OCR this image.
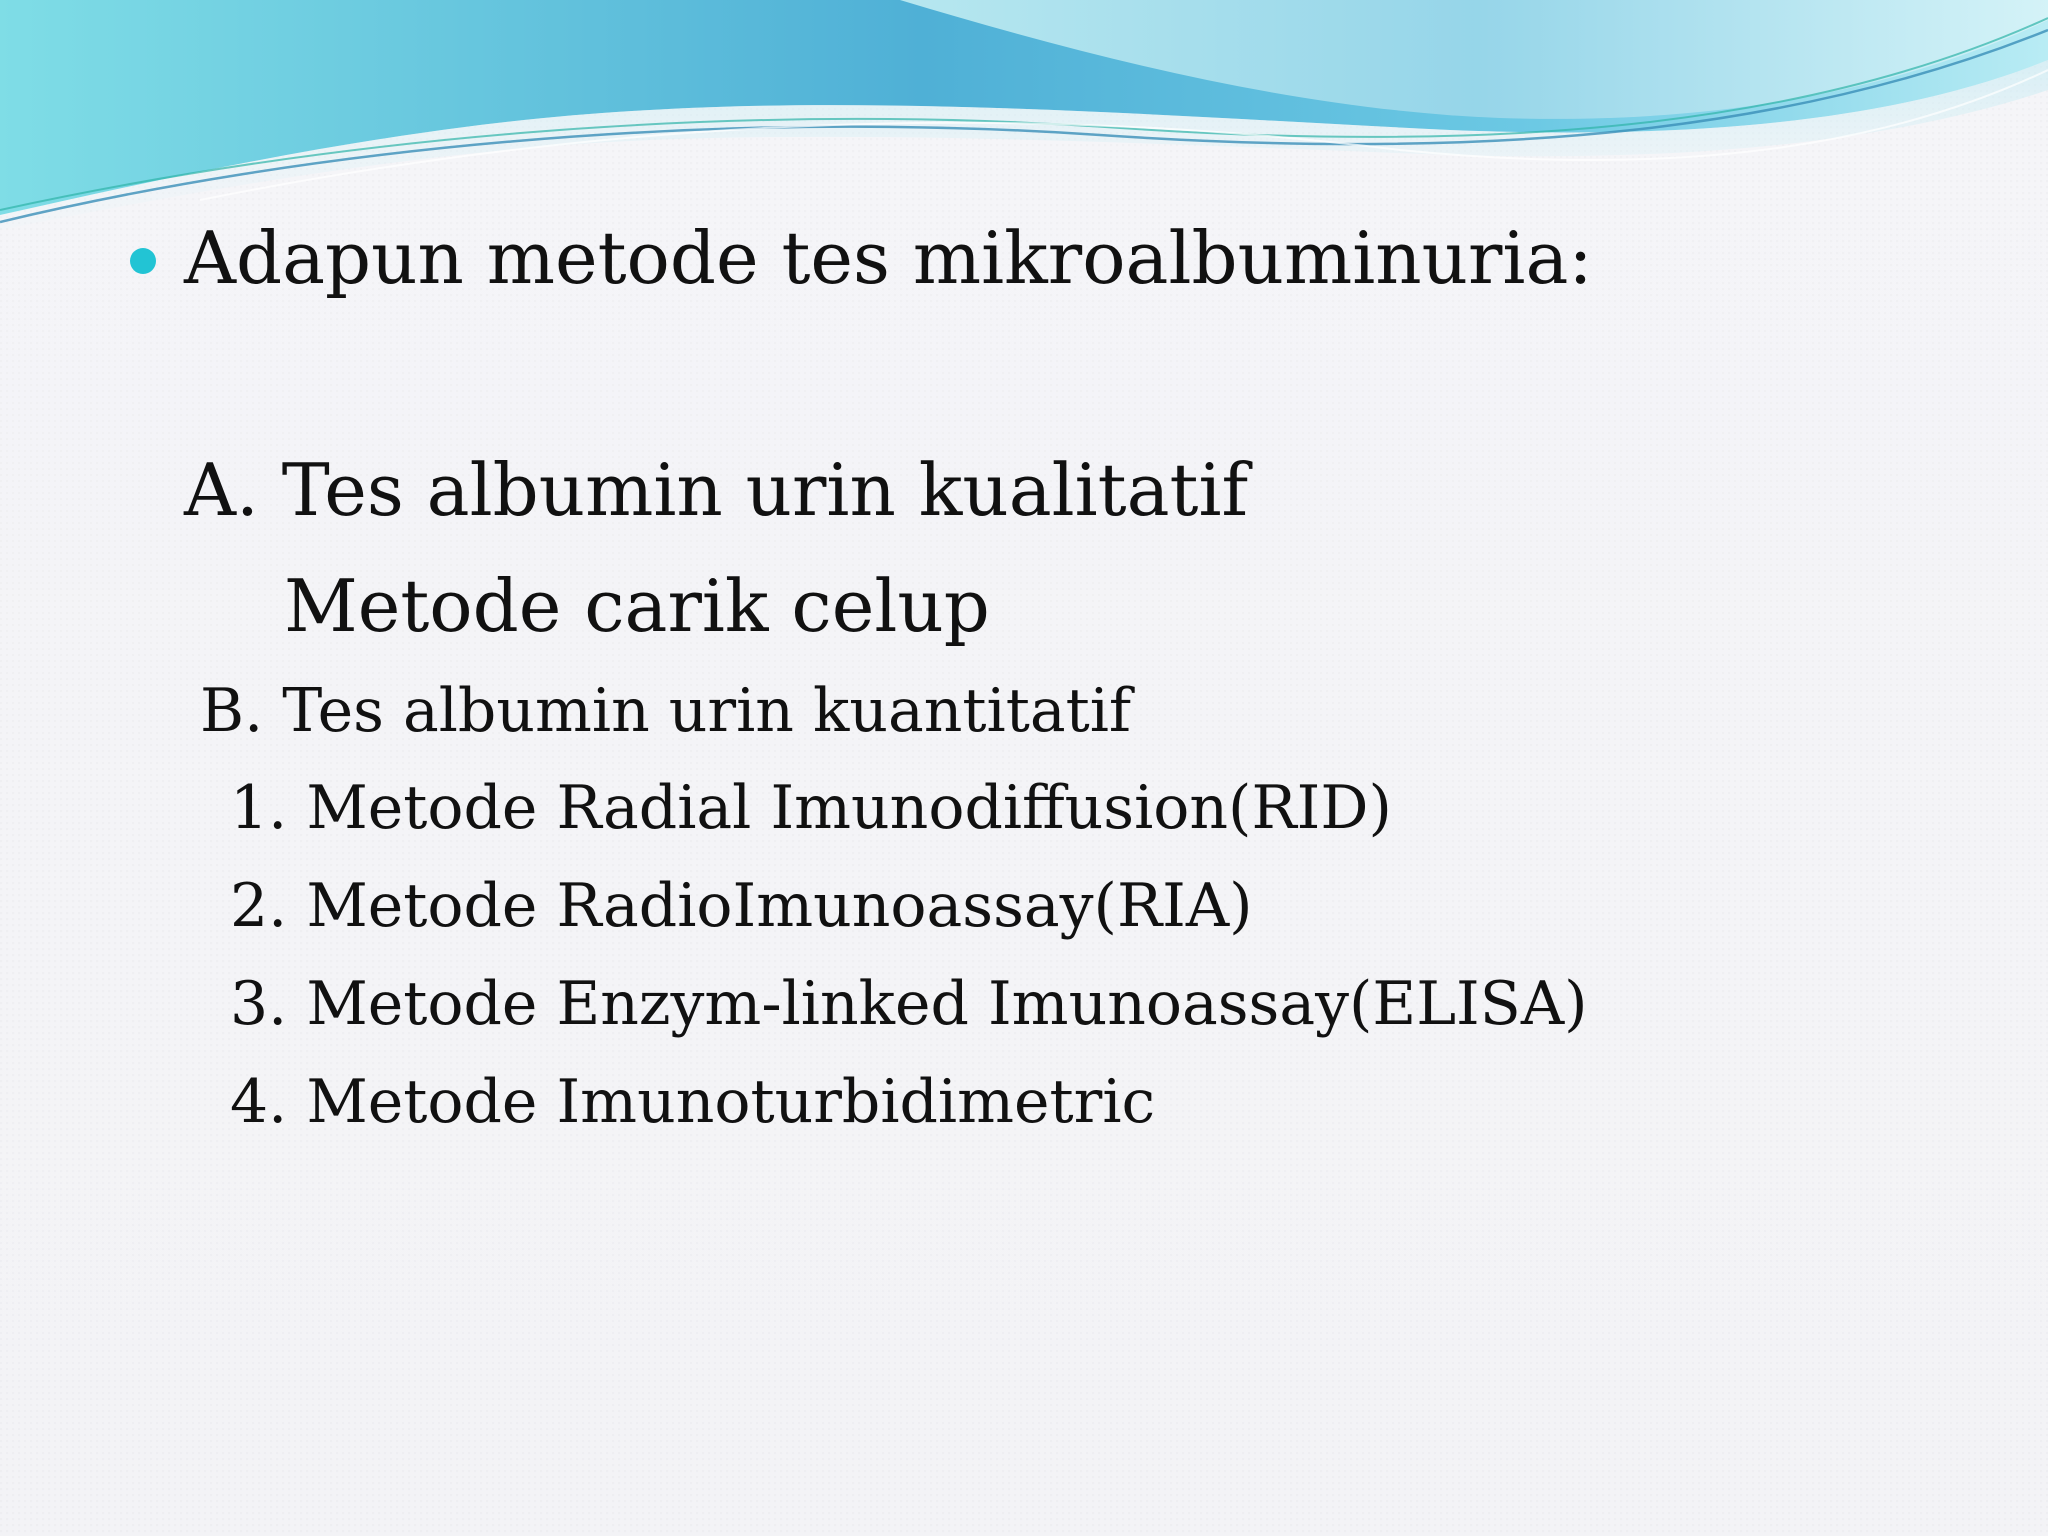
Adapun metode tes mikroalbuminuria:
A. Tes albumin urin kualitatif
Metode carik celup
B. Tes albumin urin kuantitatif
1. Metode Radial Imunodiffusion(RID)
2. Metode RadioImunoassay(RIA)
3. Metode Enzym-linked Imunoassay(ELISA)
4. Metode Imunoturbidimetric
